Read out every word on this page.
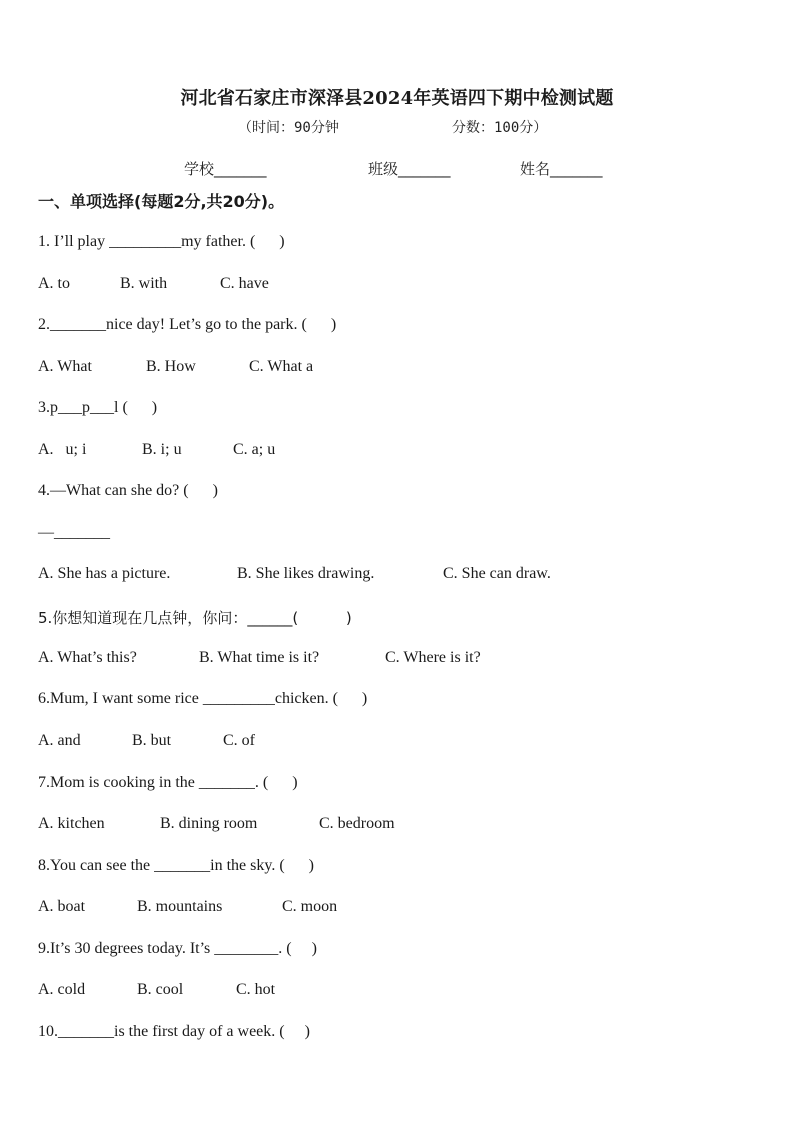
河北省石家庄市深泽县2024年英语四下期中检测试题
（时间：90分钟	分数：100分）
学校_______	班级_______	姓名_______
一、单项选择(每题2分,共20分)。
1. I’ll play _________my father. (      )
A. to	B. with	C. have
2._______nice day! Let’s go to the park. (      )
A. What	B. How	C. What a
3.p___p___l (      )
A.   u; i	B. i; u	C. a; u
4.—What can she do? (      )
—_______
A. She has a picture.	B. She likes drawing.	C. She can draw.
5.你想知道现在几点钟，你问：______(          )
A. What’s this?	B. What time is it?	C. Where is it?
6.Mum, I want some rice _________chicken. (      )
A. and	B. but	C. of
7.Mom is cooking in the _______. (      )
A. kitchen	B. dining room	C. bedroom
8.You can see the _______in the sky. (      )
A. boat	B. mountains	C. moon
9.It’s 30 degrees today. It’s ________. (     )
A. cold	B. cool	C. hot
10._______is the first day of a week. (     )
